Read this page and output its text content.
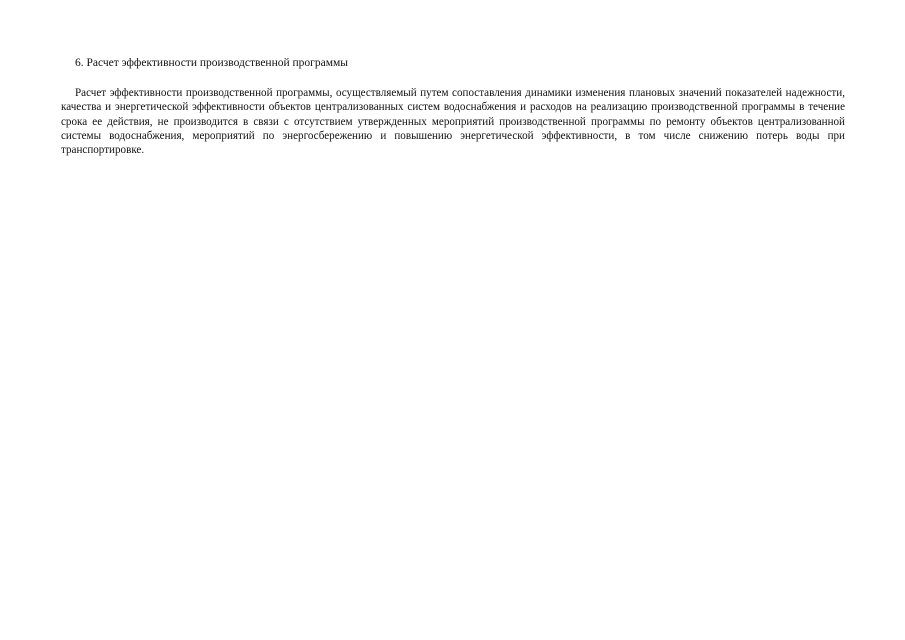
6. Расчет эффективности производственной программы

Расчет эффективности производственной программы, осуществляемый путем сопоставления динамики изменения плановых значений показателей надежности, качества и энергетической эффективности объектов централизованных систем водоснабжения и расходов на реализацию производственной программы в течение срока ее действия, не производится в связи с отсутствием утвержденных мероприятий производственной программы по ремонту объектов централизованной системы водоснабжения, мероприятий по энергосбережению и повышению энергетической эффективности, в том числе снижению потерь воды при транспортировке.
